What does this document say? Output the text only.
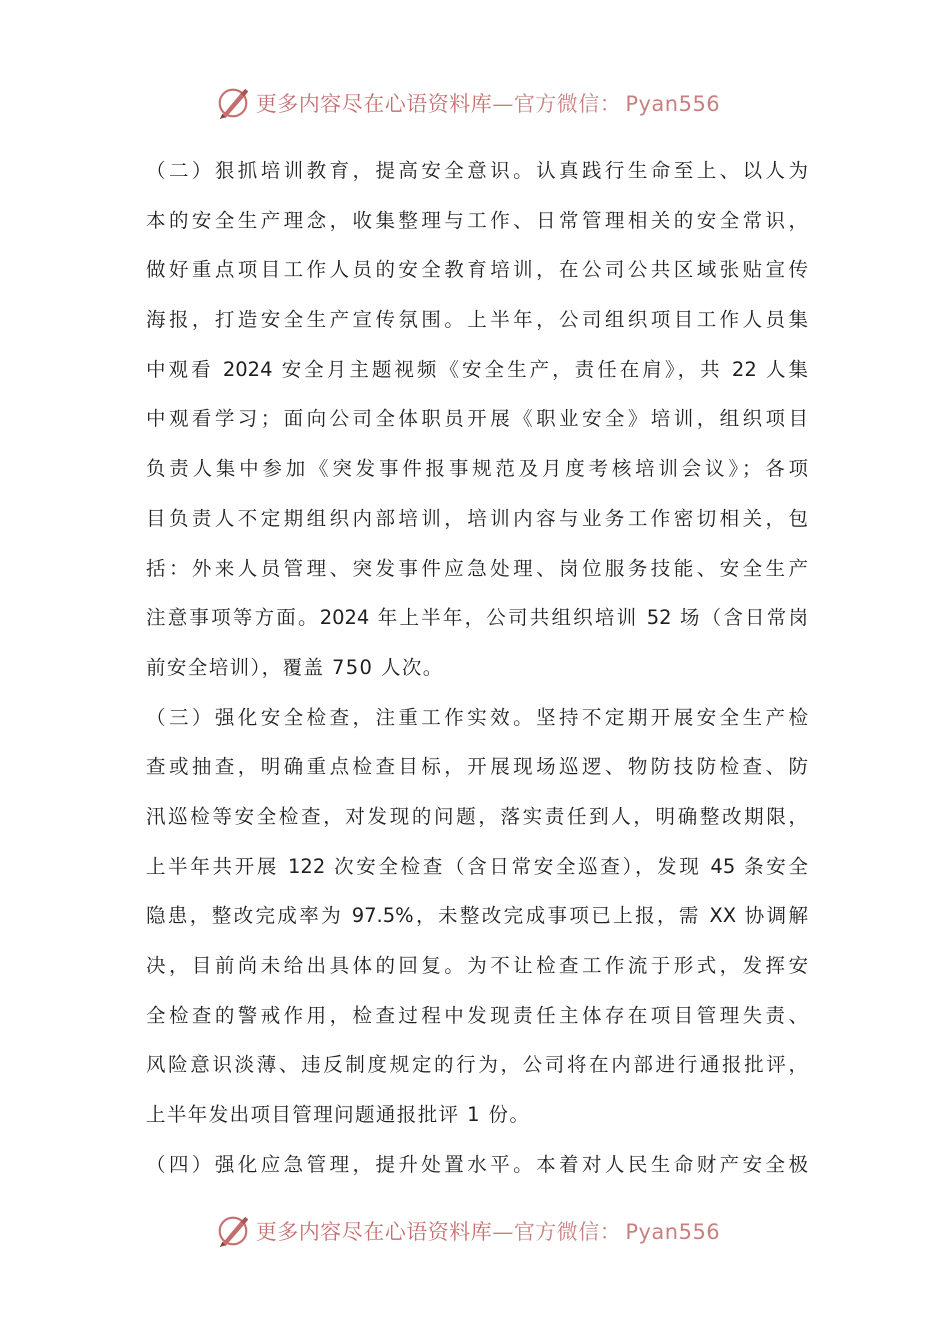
更多内容尽在心语资料库—官方微信： Pyan556
（二）狠抓培训教育，提高安全意识。认真践行生命至上、以人为
本的安全生产理念，收集整理与工作、日常管理相关的安全常识，
做好重点项目工作人员的安全教育培训，在公司公共区域张贴宣传
海报，打造安全生产宣传氛围。上半年，公司组织项目工作人员集
中观看 2024 安全月主题视频《安全生产，责任在肩》，共 22 人集
中观看学习；面向公司全体职员开展《职业安全》培训，组织项目
负责人集中参加《突发事件报事规范及月度考核培训会议》；各项
目负责人不定期组织内部培训，培训内容与业务工作密切相关，包
括：外来人员管理、突发事件应急处理、岗位服务技能、安全生产
注意事项等方面。2024 年上半年，公司共组织培训 52 场（含日常岗
前安全培训），覆盖 750 人次。
（三）强化安全检查，注重工作实效。坚持不定期开展安全生产检
查或抽查，明确重点检查目标，开展现场巡逻、物防技防检查、防
汛巡检等安全检查，对发现的问题，落实责任到人，明确整改期限，
上半年共开展 122 次安全检查（含日常安全巡查），发现 45 条安全
隐患，整改完成率为 97.5%，未整改完成事项已上报，需 XX 协调解
决，目前尚未给出具体的回复。为不让检查工作流于形式，发挥安
全检查的警戒作用，检查过程中发现责任主体存在项目管理失责、
风险意识淡薄、违反制度规定的行为，公司将在内部进行通报批评，
上半年发出项目管理问题通报批评 1 份。
（四）强化应急管理，提升处置水平。本着对人民生命财产安全极
更多内容尽在心语资料库—官方微信： Pyan556
